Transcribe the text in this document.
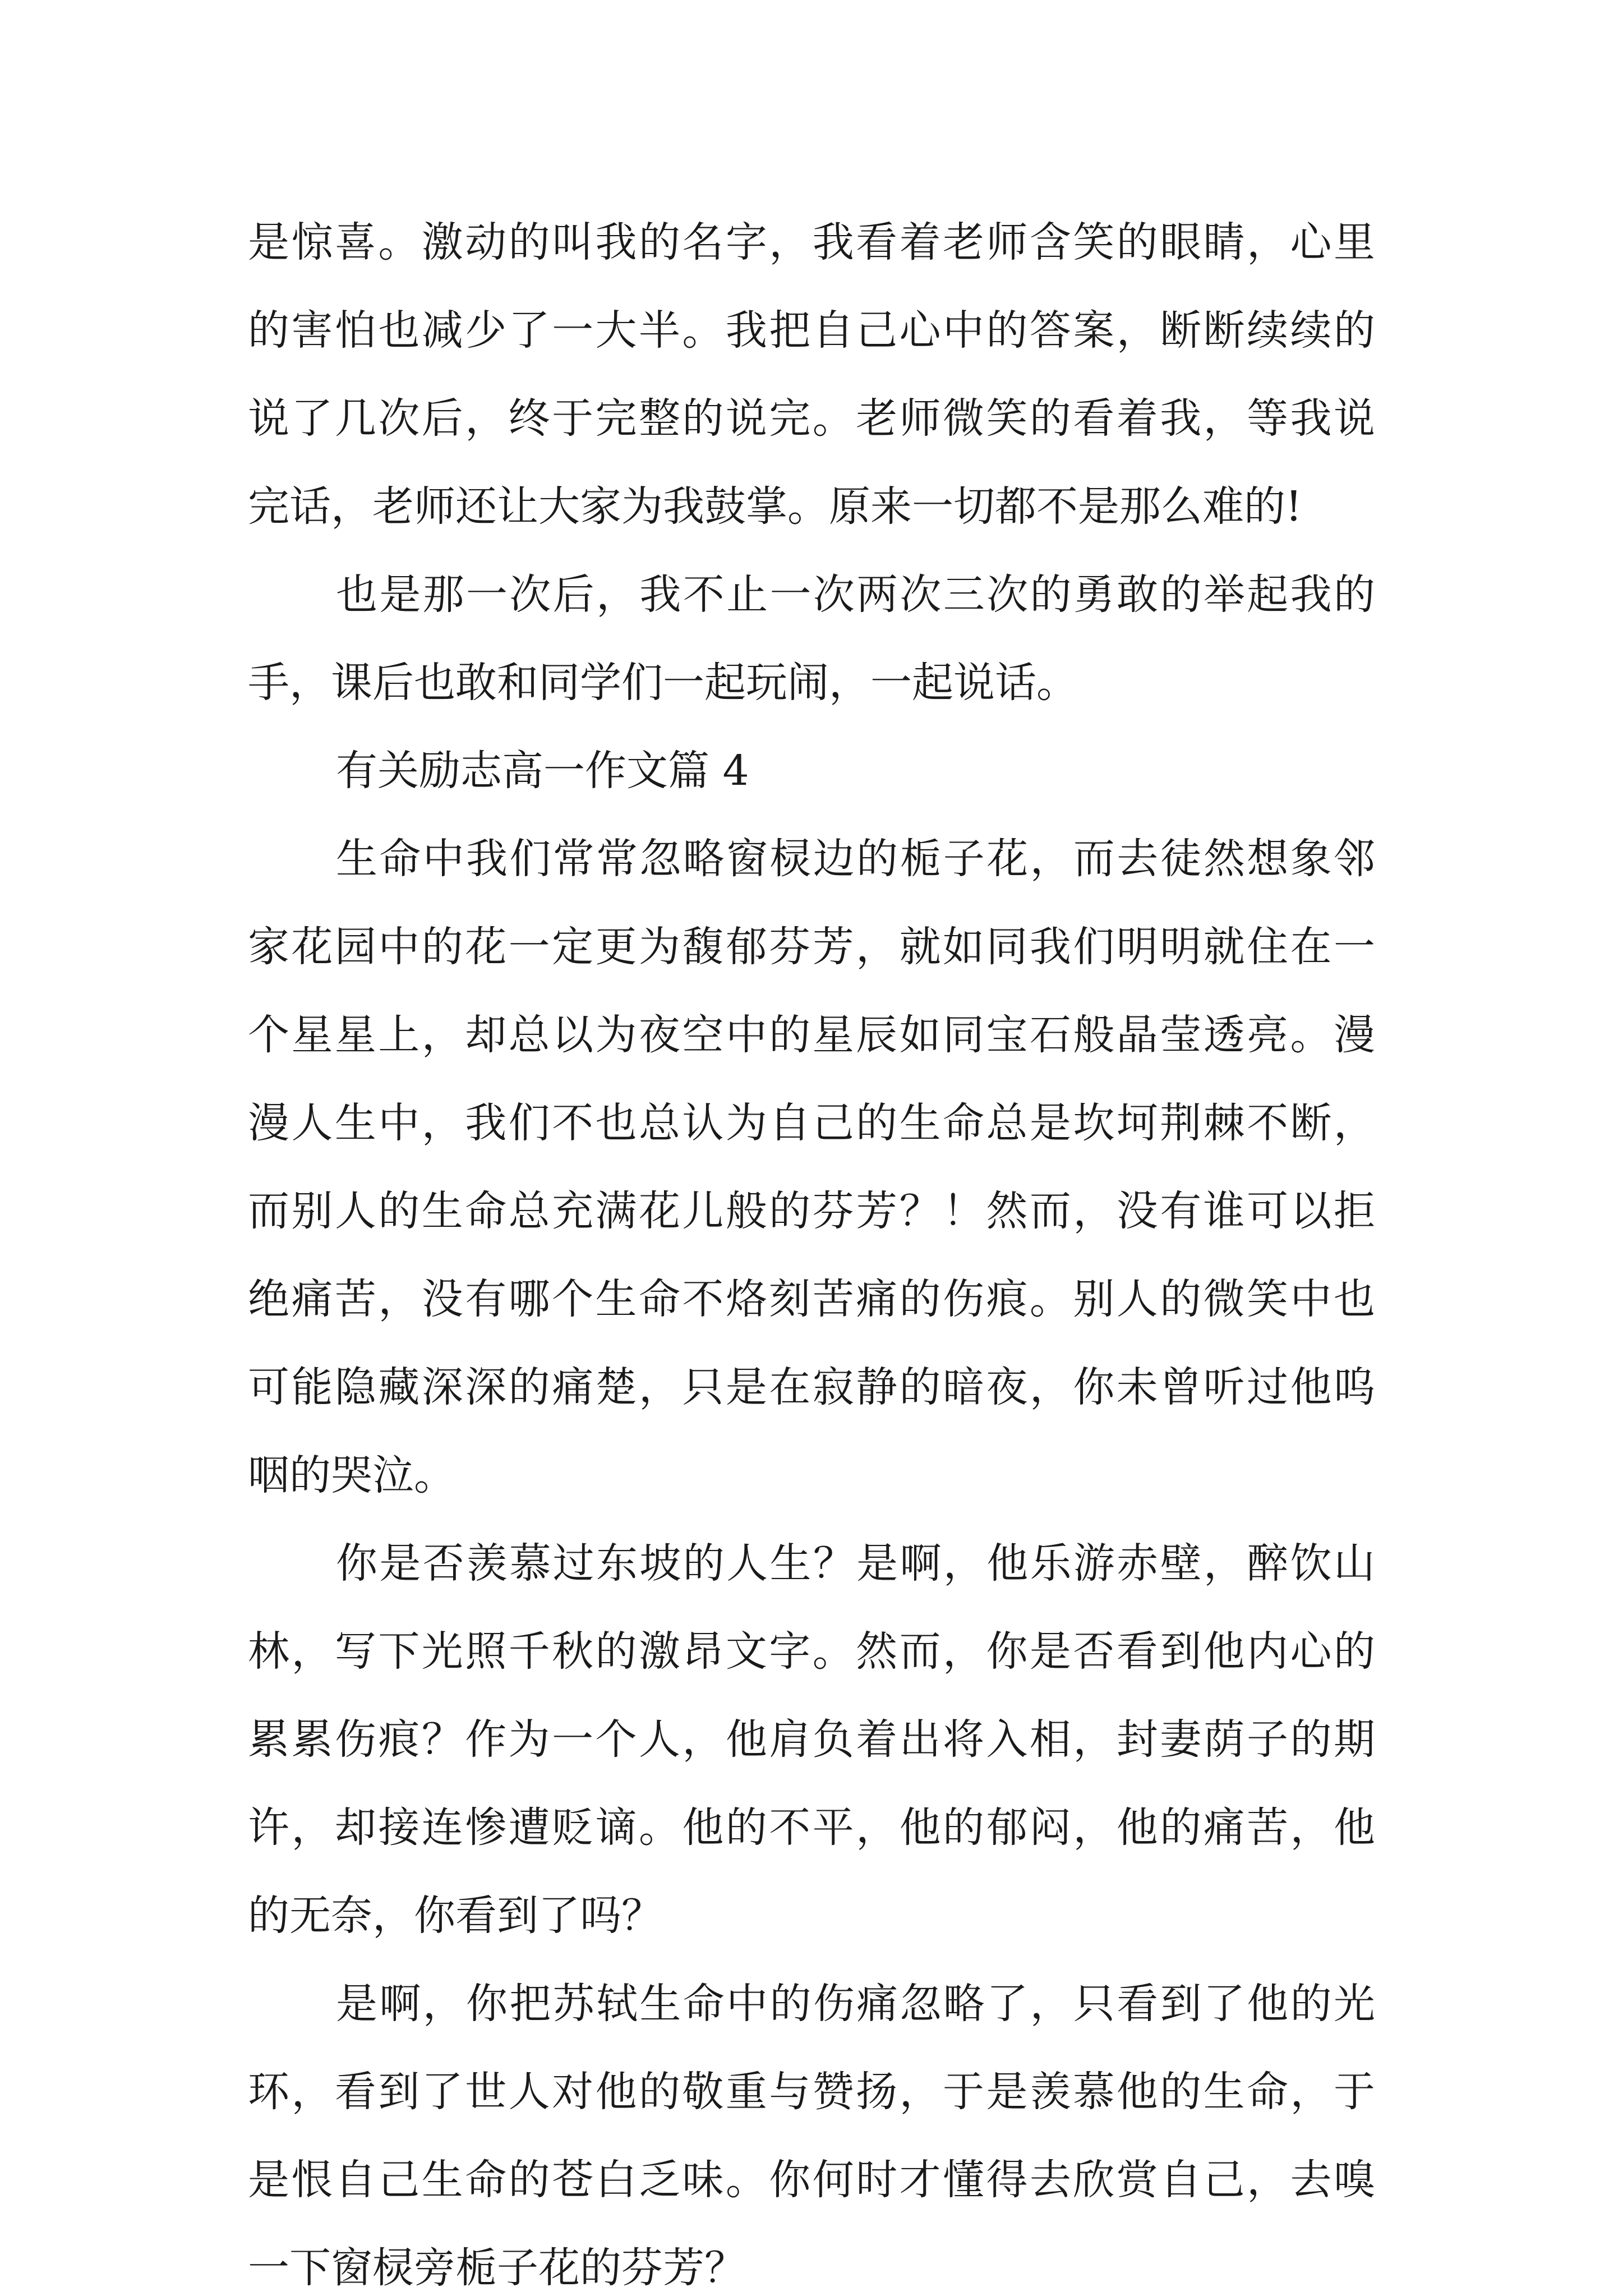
是惊喜。激动的叫我的名字，我看着老师含笑的眼睛，心里
的害怕也减少了一大半。我把自己心中的答案，断断续续的
说了几次后，终于完整的说完。老师微笑的看着我，等我说
完话，老师还让大家为我鼓掌。原来一切都不是那么难的!
也是那一次后，我不止一次两次三次的勇敢的举起我的
手，课后也敢和同学们一起玩闹，一起说话。
有关励志高一作文篇 4
生命中我们常常忽略窗棂边的栀子花，而去徒然想象邻
家花园中的花一定更为馥郁芬芳，就如同我们明明就住在一
个星星上，却总以为夜空中的星辰如同宝石般晶莹透亮。漫
漫人生中，我们不也总认为自己的生命总是坎坷荆棘不断，
而别人的生命总充满花儿般的芬芳？！然而，没有谁可以拒
绝痛苦，没有哪个生命不烙刻苦痛的伤痕。别人的微笑中也
可能隐藏深深的痛楚，只是在寂静的暗夜，你未曾听过他呜
咽的哭泣。
你是否羡慕过东坡的人生？是啊，他乐游赤壁，醉饮山
林，写下光照千秋的激昂文字。然而，你是否看到他内心的
累累伤痕？作为一个人，他肩负着出将入相，封妻荫子的期
许，却接连惨遭贬谪。他的不平，他的郁闷，他的痛苦，他
的无奈，你看到了吗？
是啊，你把苏轼生命中的伤痛忽略了，只看到了他的光
环，看到了世人对他的敬重与赞扬，于是羡慕他的生命，于
是恨自己生命的苍白乏味。你何时才懂得去欣赏自己，去嗅
一下窗棂旁栀子花的芬芳？
